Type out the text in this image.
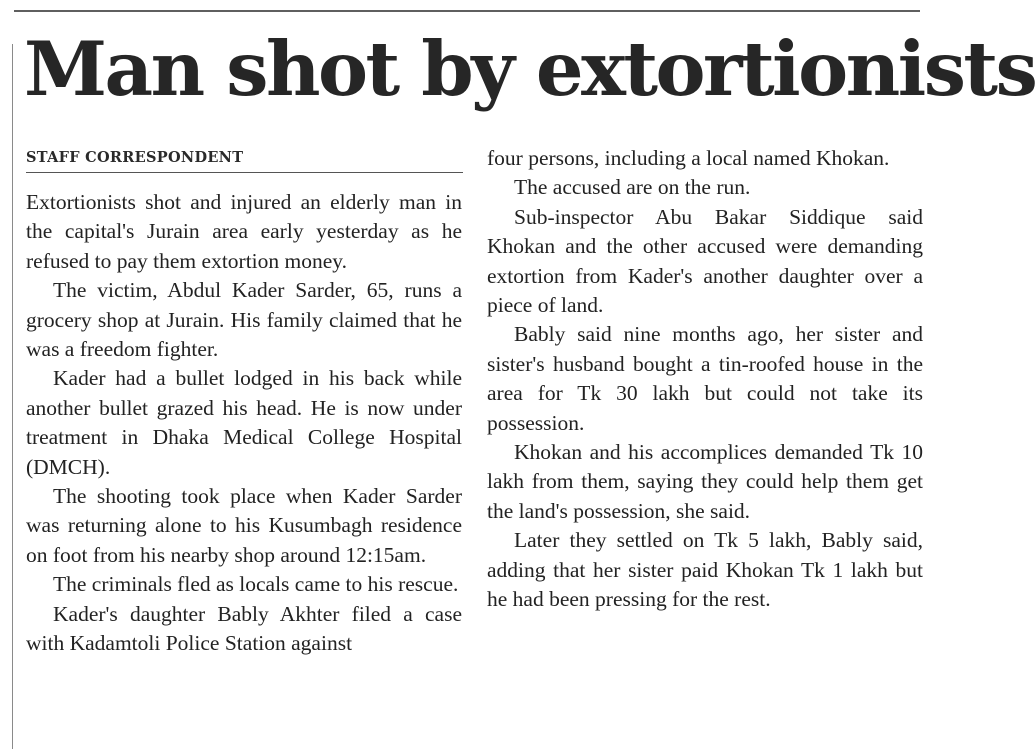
Man shot by extortionists
STAFF CORRESPONDENT

Extortionists shot and injured an elderly man in the capital's Jurain area early yesterday as he refused to pay them extortion money.

The victim, Abdul Kader Sarder, 65, runs a grocery shop at Jurain. His family claimed that he was a freedom fighter.

Kader had a bullet lodged in his back while another bullet grazed his head. He is now under treatment in Dhaka Medical College Hospital (DMCH).

The shooting took place when Kader Sarder was returning alone to his Kusumbagh residence on foot from his nearby shop around 12:15am.

The criminals fled as locals came to his rescue.

Kader's daughter Bably Akhter filed a case with Kadamtoli Police Station against

four persons, including a local named Khokan.

The accused are on the run.

Sub-inspector Abu Bakar Siddique said Khokan and the other accused were demanding extortion from Kader's another daughter over a piece of land.

Bably said nine months ago, her sister and sister's husband bought a tin-roofed house in the area for Tk 30 lakh but could not take its possession.

Khokan and his accomplices demanded Tk 10 lakh from them, saying they could help them get the land's possession, she said.

Later they settled on Tk 5 lakh, Bably said, adding that her sister paid Khokan Tk 1 lakh but he had been pressing for the rest.
